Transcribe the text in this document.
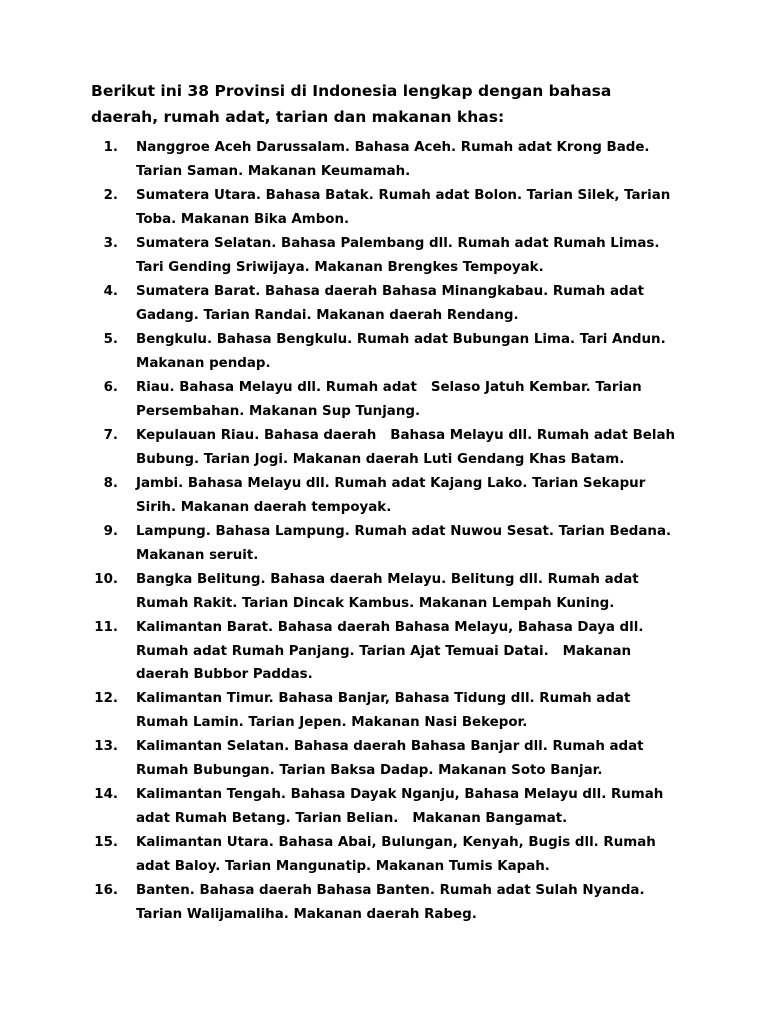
Berikut ini 38 Provinsi di Indonesia lengkap dengan bahasa
daerah, rumah adat, tarian dan makanan khas:

1.	Nanggroe Aceh Darussalam. Bahasa Aceh. Rumah adat Krong Bade.
Tarian Saman. Makanan Keumamah.
2.	Sumatera Utara. Bahasa Batak. Rumah adat Bolon. Tarian Silek, Tarian
Toba. Makanan Bika Ambon.
3.	Sumatera Selatan. Bahasa Palembang dll. Rumah adat Rumah Limas.
Tari Gending Sriwijaya. Makanan Brengkes Tempoyak.
4.	Sumatera Barat. Bahasa daerah Bahasa Minangkabau. Rumah adat
Gadang. Tarian Randai. Makanan daerah Rendang.
5.	Bengkulu. Bahasa Bengkulu. Rumah adat Bubungan Lima. Tari Andun.
Makanan pendap.
6.	Riau. Bahasa Melayu dll. Rumah adat   Selaso Jatuh Kembar. Tarian
Persembahan. Makanan Sup Tunjang.
7.	Kepulauan Riau. Bahasa daerah   Bahasa Melayu dll. Rumah adat Belah
Bubung. Tarian Jogi. Makanan daerah Luti Gendang Khas Batam.
8.	Jambi. Bahasa Melayu dll. Rumah adat Kajang Lako. Tarian Sekapur
Sirih. Makanan daerah tempoyak.
9.	Lampung. Bahasa Lampung. Rumah adat Nuwou Sesat. Tarian Bedana.
Makanan seruit.
10.	Bangka Belitung. Bahasa daerah Melayu. Belitung dll. Rumah adat
Rumah Rakit. Tarian Dincak Kambus. Makanan Lempah Kuning.
11.	Kalimantan Barat. Bahasa daerah Bahasa Melayu, Bahasa Daya dll.
Rumah adat Rumah Panjang. Tarian Ajat Temuai Datai.   Makanan
daerah Bubbor Paddas.
12.	Kalimantan Timur. Bahasa Banjar, Bahasa Tidung dll. Rumah adat
Rumah Lamin. Tarian Jepen. Makanan Nasi Bekepor.
13.	Kalimantan Selatan. Bahasa daerah Bahasa Banjar dll. Rumah adat
Rumah Bubungan. Tarian Baksa Dadap. Makanan Soto Banjar.
14.	Kalimantan Tengah. Bahasa Dayak Nganju, Bahasa Melayu dll. Rumah
adat Rumah Betang. Tarian Belian.   Makanan Bangamat.
15.	Kalimantan Utara. Bahasa Abai, Bulungan, Kenyah, Bugis dll. Rumah
adat Baloy. Tarian Mangunatip. Makanan Tumis Kapah.
16.	Banten. Bahasa daerah Bahasa Banten. Rumah adat Sulah Nyanda.
Tarian Walijamaliha. Makanan daerah Rabeg.
